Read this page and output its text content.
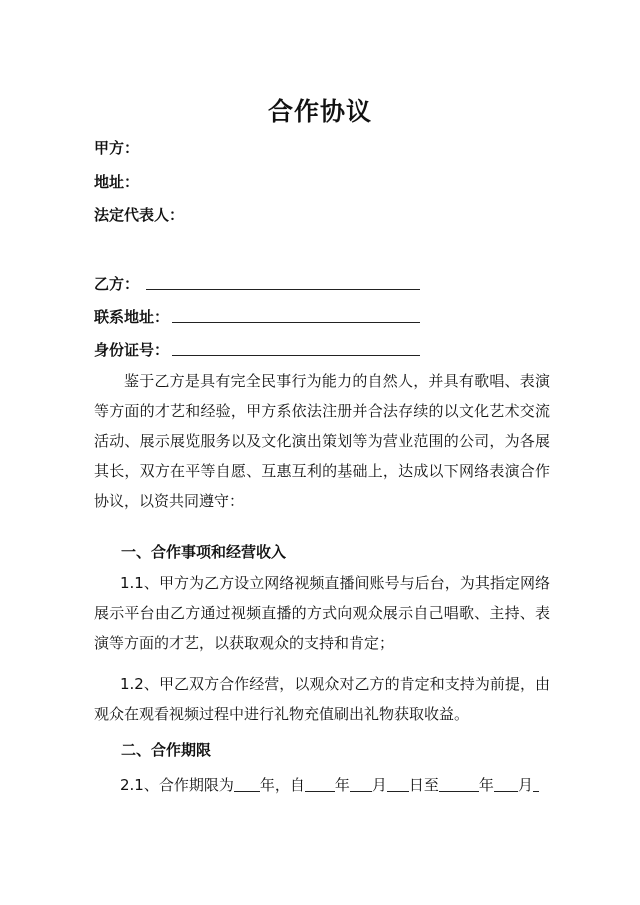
合作协议
甲方：
地址：
法定代表人：
乙方：
联系地址：
身份证号：
鉴于乙方是具有完全民事行为能力的自然人，并具有歌唱、表演等方面的才艺和经验，甲方系依法注册并合法存续的以文化艺术交流活动、展示展览服务以及文化演出策划等为营业范围的公司，为各展其长，双方在平等自愿、互惠互利的基础上，达成以下网络表演合作协议，以资共同遵守：
一、合作事项和经营收入
1.1、甲方为乙方设立网络视频直播间账号与后台，为其指定网络展示平台由乙方通过视频直播的方式向观众展示自己唱歌、主持、表演等方面的才艺，以获取观众的支持和肯定；
1.2、甲乙双方合作经营，以观众对乙方的肯定和支持为前提，由观众在观看视频过程中进行礼物充值刷出礼物获取收益。
二、合作期限
2.1、合作期限为 年，自 年 月 日至	年 月
